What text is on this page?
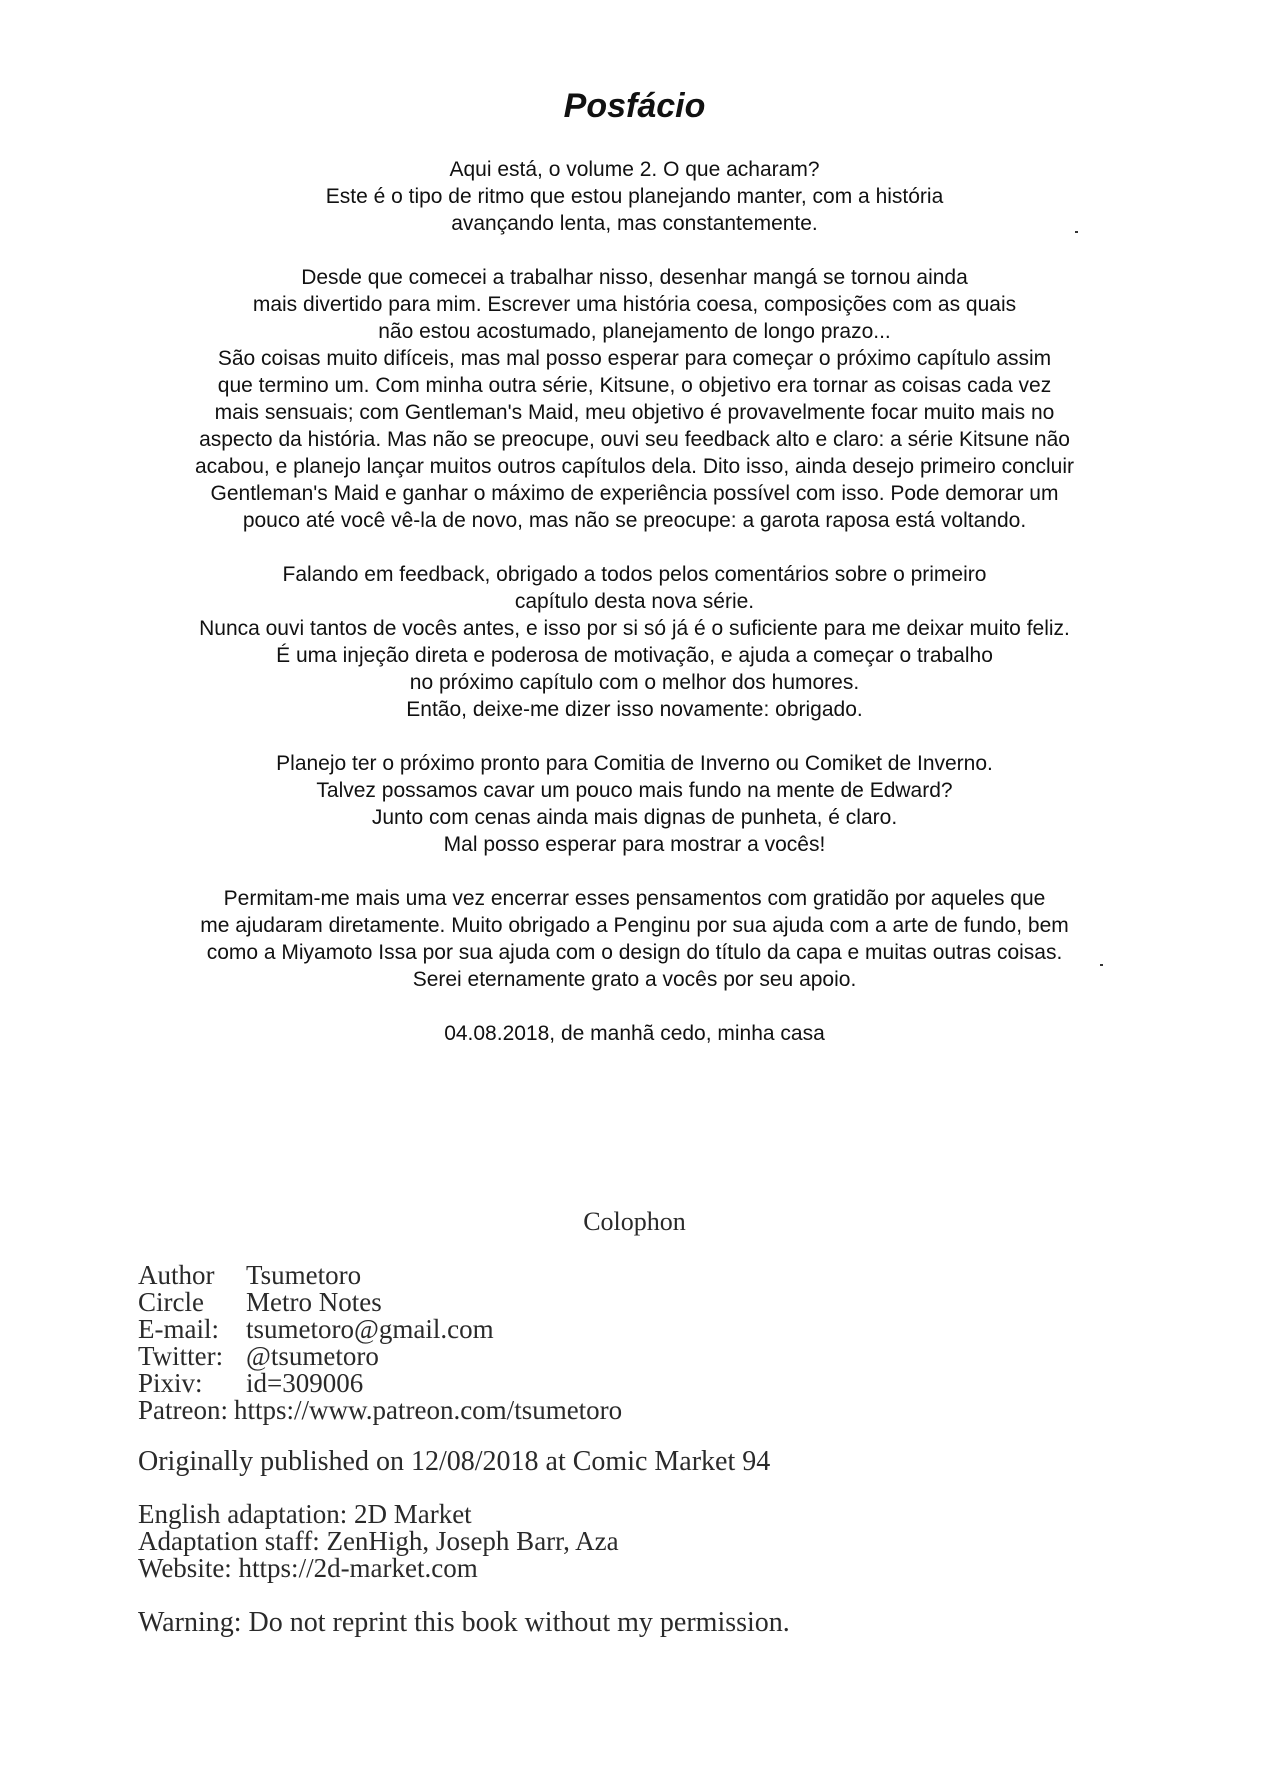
Posfácio
Aqui está, o volume 2. O que acharam?
Este é o tipo de ritmo que estou planejando manter, com a história
avançando lenta, mas constantemente.
Desde que comecei a trabalhar nisso, desenhar mangá se tornou ainda
mais divertido para mim. Escrever uma história coesa, composições com as quais
não estou acostumado, planejamento de longo prazo...
São coisas muito difíceis, mas mal posso esperar para começar o próximo capítulo assim
que termino um. Com minha outra série, Kitsune, o objetivo era tornar as coisas cada vez
mais sensuais; com Gentleman's Maid, meu objetivo é provavelmente focar muito mais no
aspecto da história. Mas não se preocupe, ouvi seu feedback alto e claro: a série Kitsune não
acabou, e planejo lançar muitos outros capítulos dela. Dito isso, ainda desejo primeiro concluir
Gentleman's Maid e ganhar o máximo de experiência possível com isso. Pode demorar um
pouco até você vê-la de novo, mas não se preocupe: a garota raposa está voltando.
Falando em feedback, obrigado a todos pelos comentários sobre o primeiro
capítulo desta nova série.
Nunca ouvi tantos de vocês antes, e isso por si só já é o suficiente para me deixar muito feliz.
É uma injeção direta e poderosa de motivação, e ajuda a começar o trabalho
no próximo capítulo com o melhor dos humores.
Então, deixe-me dizer isso novamente: obrigado.
Planejo ter o próximo pronto para Comitia de Inverno ou Comiket de Inverno.
Talvez possamos cavar um pouco mais fundo na mente de Edward?
Junto com cenas ainda mais dignas de punheta, é claro.
Mal posso esperar para mostrar a vocês!
Permitam-me mais uma vez encerrar esses pensamentos com gratidão por aqueles que
me ajudaram diretamente. Muito obrigado a Penginu por sua ajuda com a arte de fundo, bem
como a Miyamoto Issa por sua ajuda com o design do título da capa e muitas outras coisas.
Serei eternamente grato a vocês por seu apoio.
04.08.2018, de manhã cedo, minha casa
Colophon
Author	Tsumetoro
Circle	Metro Notes
E-mail:	tsumetoro@gmail.com
Twitter: @tsumetoro
Pixiv:	id=309006
Patreon: https://www.patreon.com/tsumetoro
Originally published on 12/08/2018 at Comic Market 94
English adaptation: 2D Market
Adaptation staff: ZenHigh, Joseph Barr, Aza
Website: https://2d-market.com
Warning: Do not reprint this book without my permission.
